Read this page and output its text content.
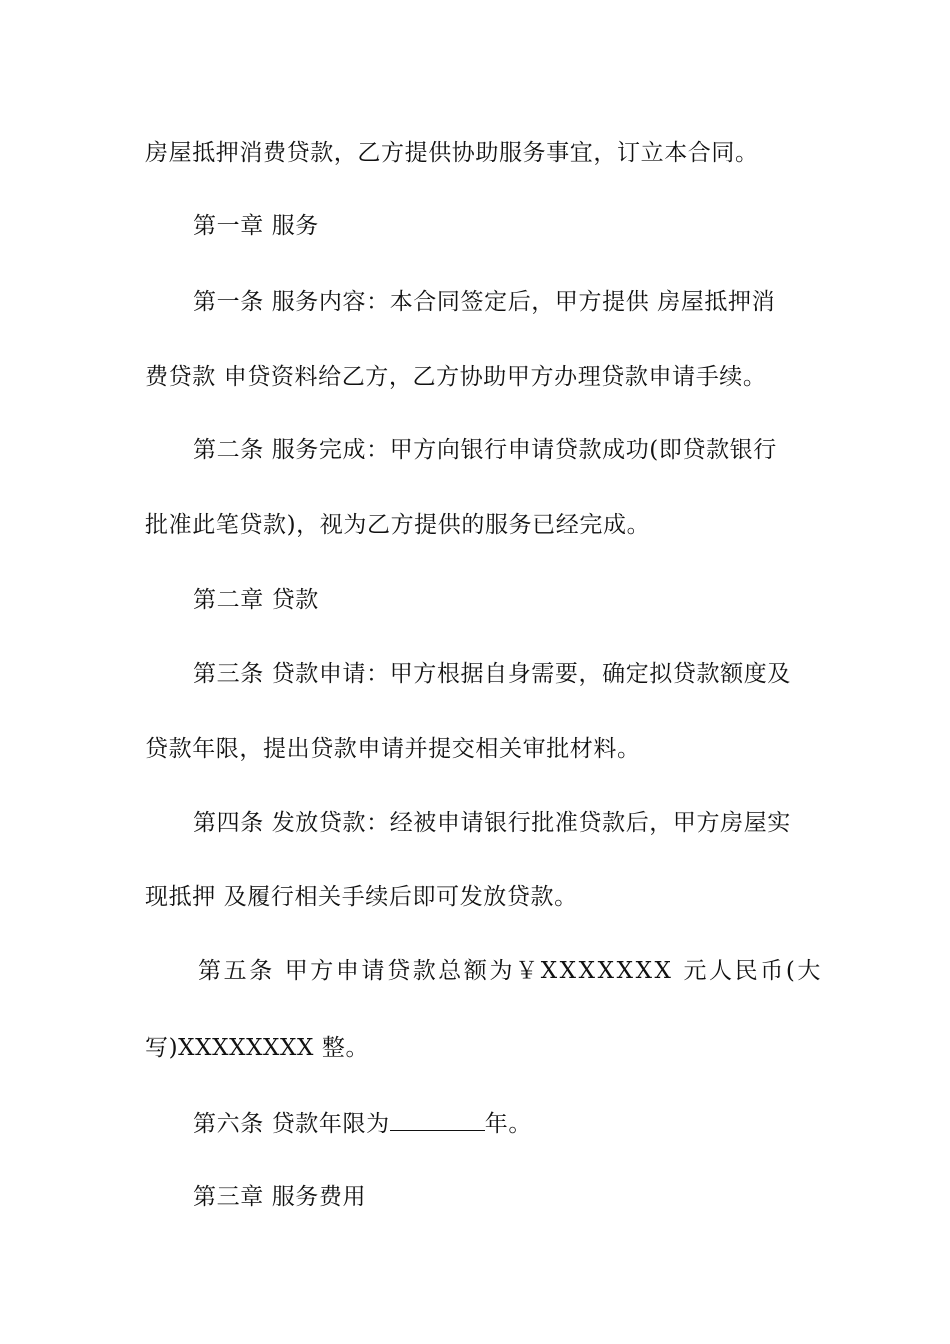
房屋抵押消费贷款，乙方提供协助服务事宜，订立本合同。
第一章 服务
第一条 服务内容：本合同签定后，甲方提供 房屋抵押消
费贷款 申贷资料给乙方，乙方协助甲方办理贷款申请手续。
第二条 服务完成：甲方向银行申请贷款成功(即贷款银行
批准此笔贷款)，视为乙方提供的服务已经完成。
第二章 贷款
第三条 贷款申请：甲方根据自身需要，确定拟贷款额度及
贷款年限，提出贷款申请并提交相关审批材料。
第四条 发放贷款：经被申请银行批准贷款后，甲方房屋实
现抵押 及履行相关手续后即可发放贷款。
第五条 甲方申请贷款总额为￥XXXXXXX 元人民币(大
写)XXXXXXXX 整。
第六条 贷款年限为	年。
第三章 服务费用
